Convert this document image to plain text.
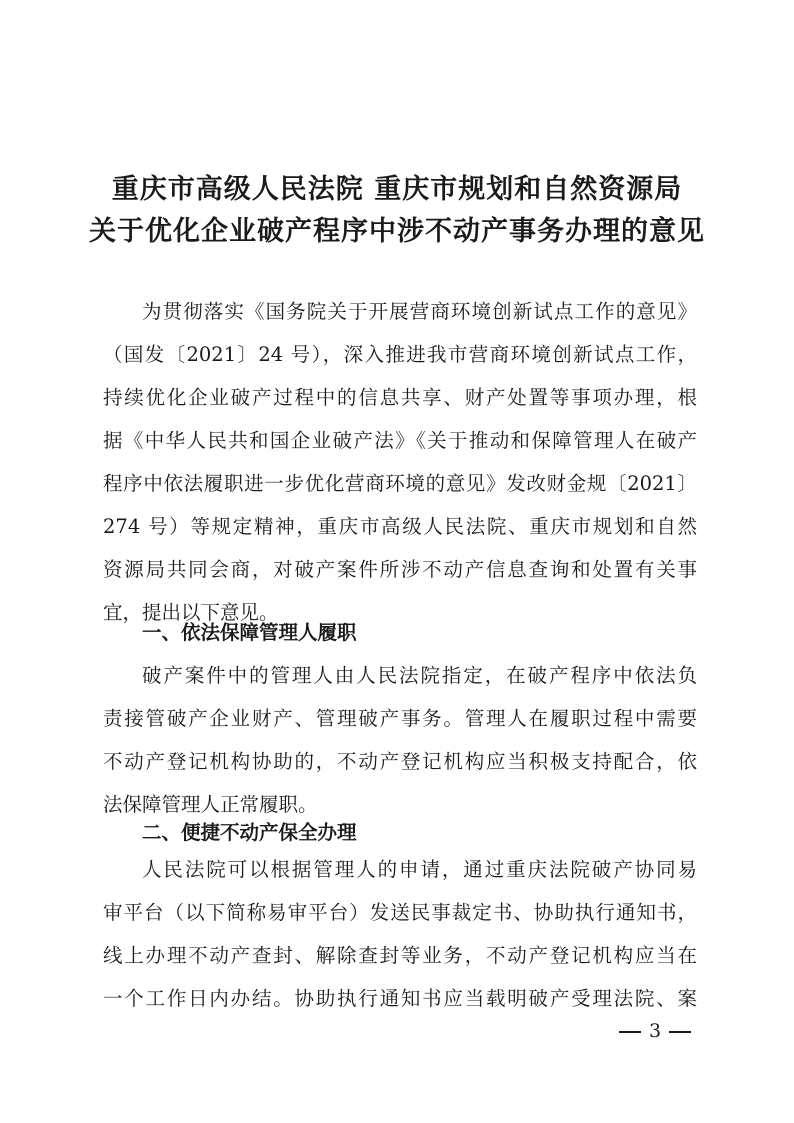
重庆市高级人民法院 重庆市规划和自然资源局
关于优化企业破产程序中涉不动产事务办理的意见
为贯彻落实《国务院关于开展营商环境创新试点工作的意见》
（国发〔2021〕24 号），深入推进我市营商环境创新试点工作，
持续优化企业破产过程中的信息共享、财产处置等事项办理，根
据《中华人民共和国企业破产法》《关于推动和保障管理人在破产
程序中依法履职进一步优化营商环境的意见》发改财金规〔2021〕
274 号）等规定精神，重庆市高级人民法院、重庆市规划和自然
资源局共同会商，对破产案件所涉不动产信息查询和处置有关事
宜，提出以下意见。
一、依法保障管理人履职
破产案件中的管理人由人民法院指定，在破产程序中依法负
责接管破产企业财产、管理破产事务。管理人在履职过程中需要
不动产登记机构协助的，不动产登记机构应当积极支持配合，依
法保障管理人正常履职。
二、便捷不动产保全办理
人民法院可以根据管理人的申请，通过重庆法院破产协同易
审平台（以下简称易审平台）发送民事裁定书、协助执行通知书，
线上办理不动产查封、解除查封等业务，不动产登记机构应当在
一个工作日内办结。协助执行通知书应当载明破产受理法院、案
3
